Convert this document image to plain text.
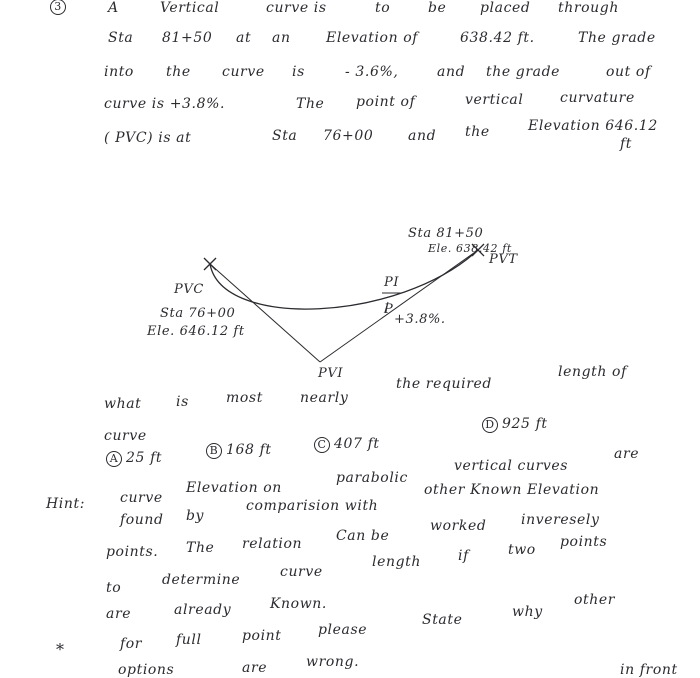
3	A	Vertical	curve is	to	be placed through
Sta 81+50 at an	Elevation of	638.42 ft.	The grade
into the curve is	- 3.6%,	and the grade	out of
curve is +3.8%.	The point of	vertical	curvature
( PVC) is at	Sta 76+00 and the	Elevation 646.12
ft
PVC
Sta 76+00
Ele. 646.12 ft
PI
P
PVI
PVT
Sta 81+50
Ele. 638.42 ft
+3.8%.
what is	most	nearly
the required
length of
curve
A 25 ft	B 168 ft	C 407 ft
D 925 ft
Hint: curve
Elevation on
parabolic
vertical curves
are
found by
comparision with
other Known Elevation
points. The relation Can be
worked inveresely
to	determine	curve
length	if	two points
are	already	Known.
*	for full	point	please
State	why
other
options	are	wrong.	in front
